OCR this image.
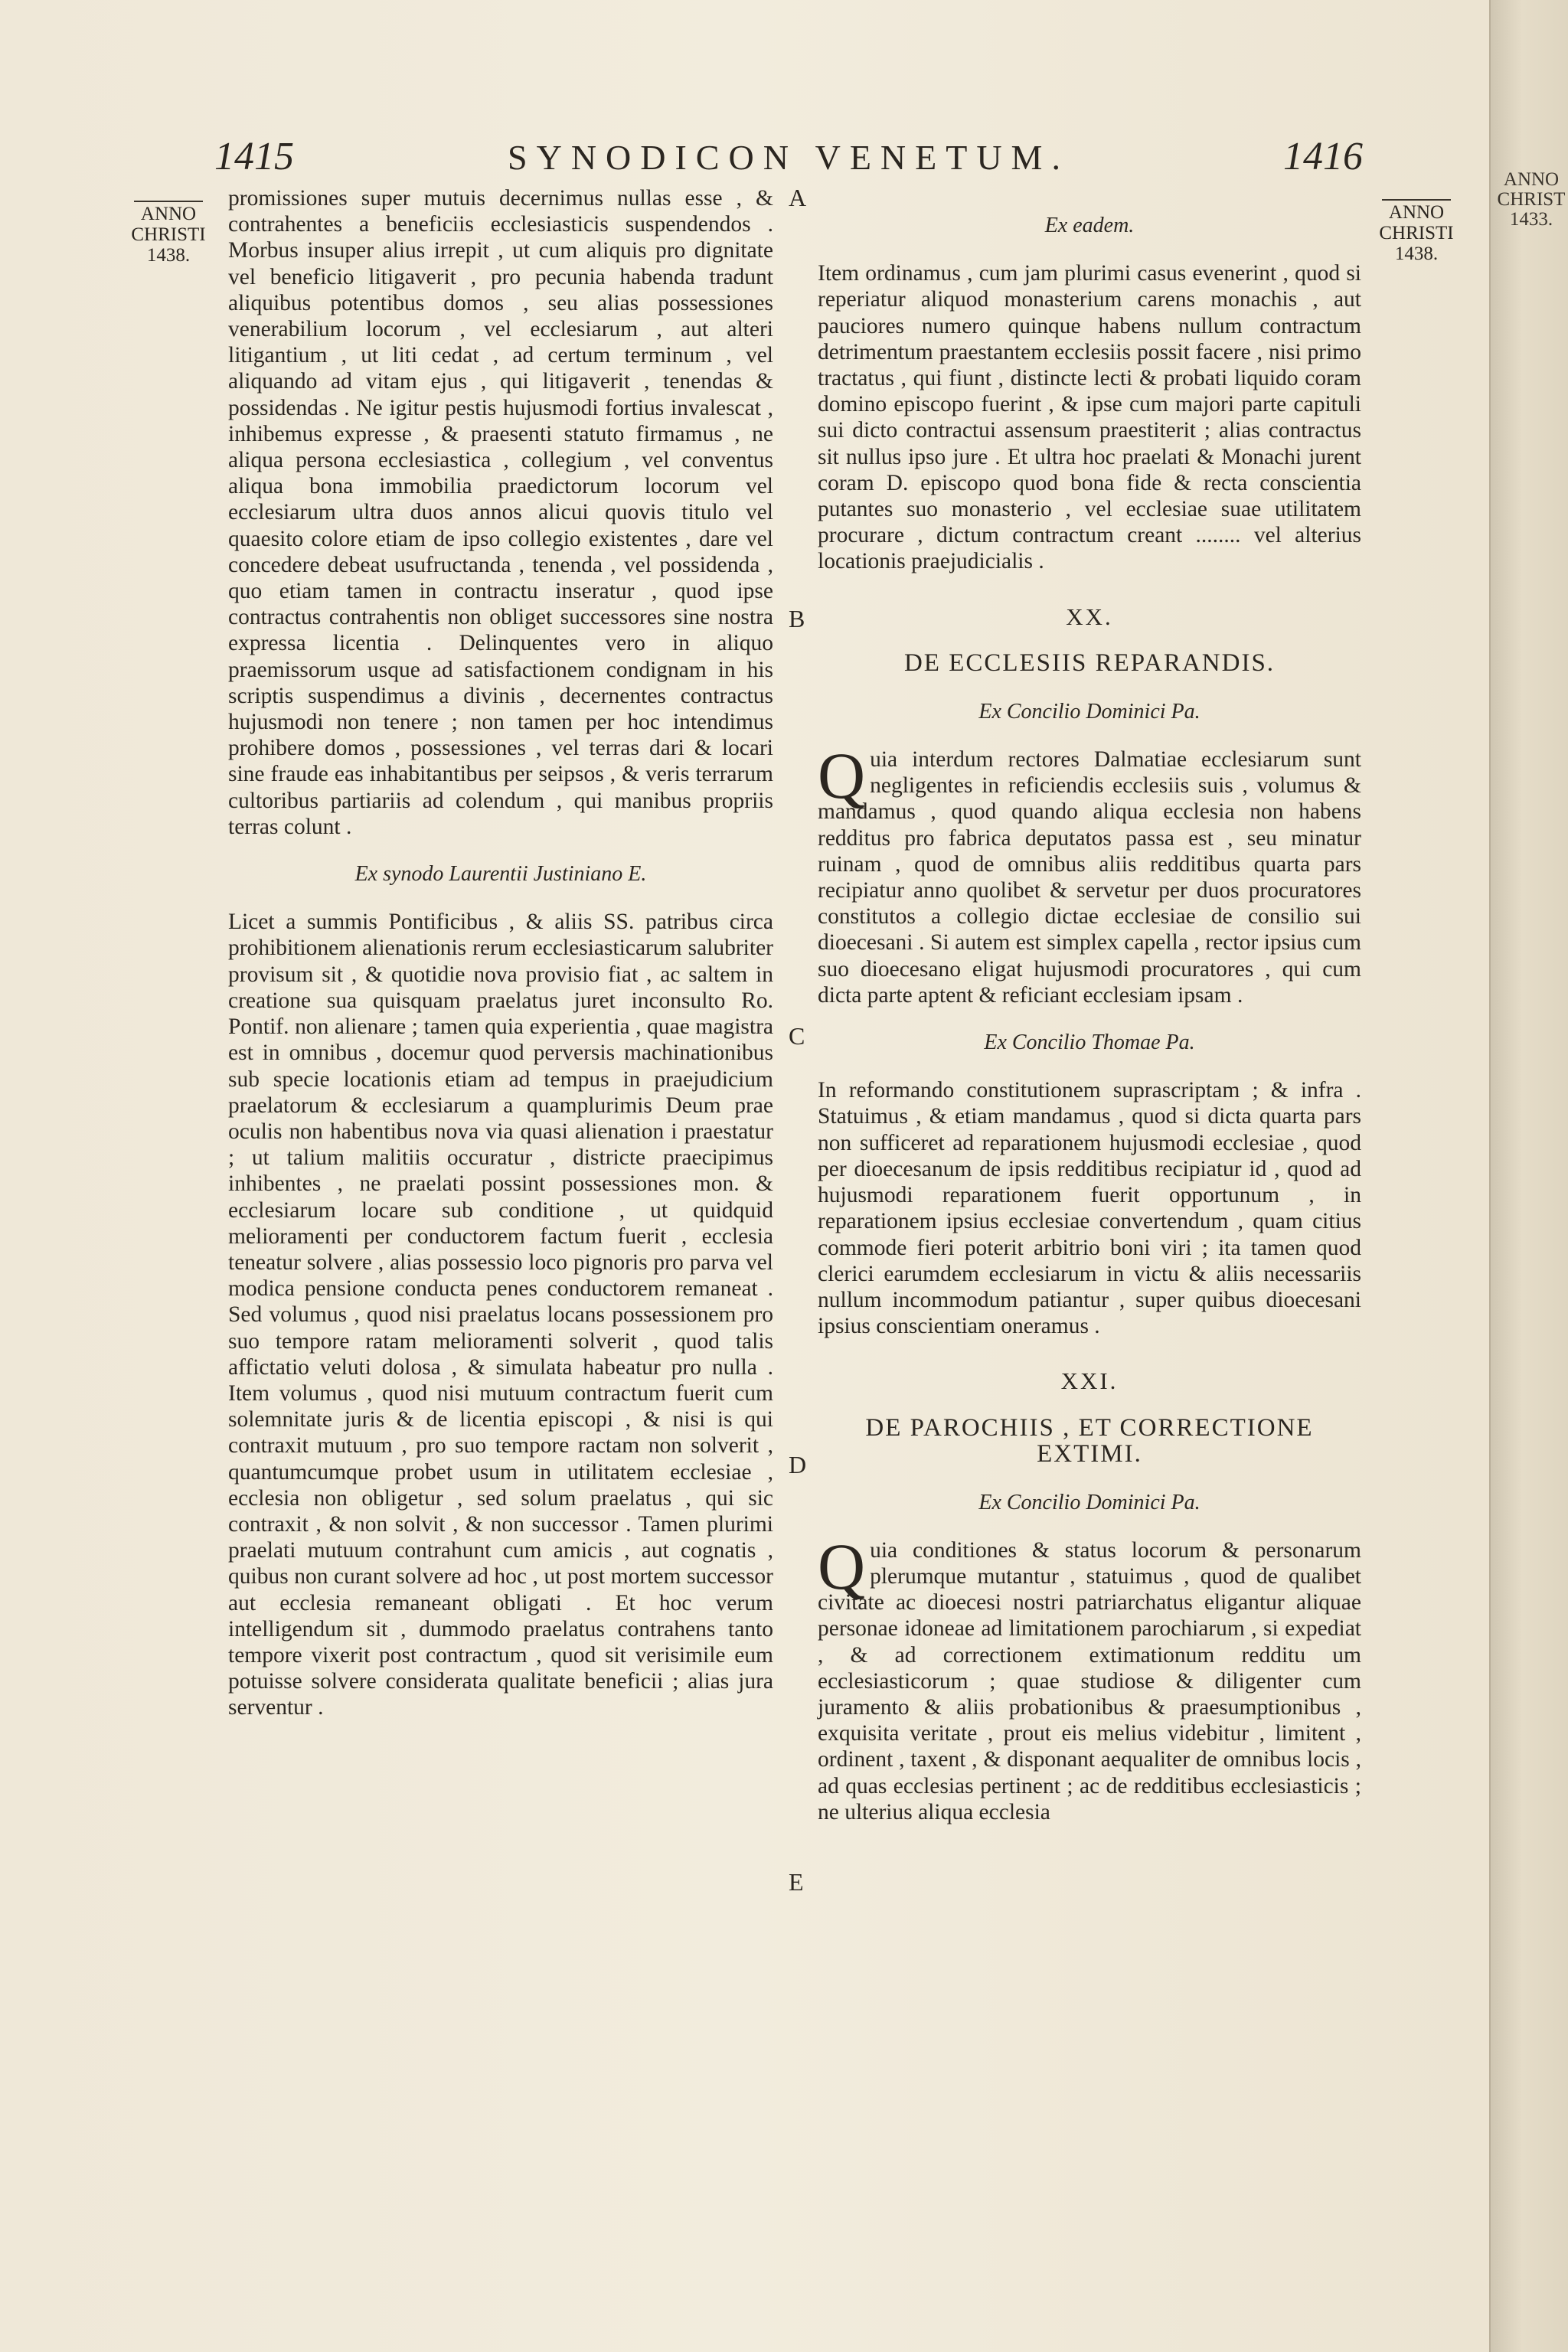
1415	SYNODICON VENETUM.	1416
ANNO
CHRISTI
1438.
ANNO
CHRISTI
1438.
A
B
C
D
E

promissiones super mutuis decernimus nullas esse , & contrahentes a beneficiis ecclesiasticis suspendendos . Morbus insuper alius irrepit , ut cum aliquis pro dignitate vel beneficio litigaverit , pro pecunia habenda tradunt aliquibus potentibus domos , seu alias possessiones venerabilium locorum , vel ecclesiarum , aut alteri litigantium , ut liti cedat , ad certum terminum , vel aliquando ad vitam ejus , qui litigaverit , tenendas & possidendas . Ne igitur pestis hujusmodi fortius invalescat , inhibemus expresse , & praesenti statuto firmamus , ne aliqua persona ecclesiastica , collegium , vel conventus aliqua bona immobilia praedictorum locorum vel ecclesiarum ultra duos annos alicui quovis titulo vel quaesito colore etiam de ipso collegio existentes , dare vel concedere debeat usufructanda , tenenda , vel possidenda , quo etiam tamen in contractu inseratur , quod ipse contractus contrahentis non obliget successores sine nostra expressa licentia . Delinquentes vero in aliquo praemissorum usque ad satisfactionem condignam in his scriptis suspendimus a divinis , decernentes contractus hujusmodi non tenere ; non tamen per hoc intendimus prohibere domos , possessiones , vel terras dari & locari sine fraude eas inhabitantibus per seipsos , & veris terrarum cultoribus partiariis ad colendum , qui manibus propriis terras colunt .

Ex synodo Laurentii Justiniano E.

Licet a summis Pontificibus , & aliis SS. patribus circa prohibitionem alienationis rerum ecclesiasticarum salubriter provisum sit , & quotidie nova provisio fiat , ac saltem in creatione sua quisquam praelatus juret inconsulto Ro. Pontif. non alienare ; tamen quia experientia , quae magistra est in omnibus , docemur quod perversis machinationibus sub specie locationis etiam ad tempus in praejudicium praelatorum & ecclesiarum a quamplurimis Deum prae oculis non habentibus nova via quasi alienation i praestatur ; ut talium malitiis occuratur , districte praecipimus inhibentes , ne praelati possint possessiones mon. & ecclesiarum locare sub conditione , ut quidquid melioramenti per conductorem factum fuerit , ecclesia teneatur solvere , alias possessio loco pignoris pro parva vel modica pensione conducta penes conductorem remaneat . Sed volumus , quod nisi praelatus locans possessionem pro suo tempore ratam melioramenti solverit , quod talis affictatio veluti dolosa , & simulata habeatur pro nulla . Item volumus , quod nisi mutuum contractum fuerit cum solemnitate juris & de licentia episcopi , & nisi is qui contraxit mutuum , pro suo tempore ractam non solverit , quantumcumque probet usum in utilitatem ecclesiae , ecclesia non obligetur , sed solum praelatus , qui sic contraxit , & non solvit , & non successor . Tamen plurimi praelati mutuum contrahunt cum amicis , aut cognatis , quibus non curant solvere ad hoc , ut post mortem successor aut ecclesia remaneant obligati . Et hoc verum intelligendum sit , dummodo praelatus contrahens tanto tempore vixerit post contractum , quod sit verisimile eum potuisse solvere considerata qualitate beneficii ; alias jura serventur .

Ex eadem.

Item ordinamus , cum jam plurimi casus evenerint , quod si reperiatur aliquod monasterium carens monachis , aut pauciores numero quinque habens nullum contractum detrimentum praestantem ecclesiis possit facere , nisi primo tractatus , qui fiunt , distincte lecti & probati liquido coram domino episcopo fuerint , & ipse cum majori parte capituli sui dicto contractui assensum praestiterit ; alias contractus sit nullus ipso jure . Et ultra hoc praelati & Monachi jurent coram D. episcopo quod bona fide & recta conscientia putantes suo monasterio , vel ecclesiae suae utilitatem procurare , dictum contractum creant ........ vel alterius locationis praejudicialis .

XX.
DE ECCLESIIS REPARANDIS.
Ex Concilio Dominici Pa.

Quia interdum rectores Dalmatiae ecclesiarum sunt negligentes in reficiendis ecclesiis suis , volumus & mandamus , quod quando aliqua ecclesia non habens redditus pro fabrica deputatos passa est , seu minatur ruinam , quod de omnibus aliis redditibus quarta pars recipiatur anno quolibet & servetur per duos procuratores constitutos a collegio dictae ecclesiae de consilio sui dioecesani . Si autem est simplex capella , rector ipsius cum suo dioecesano eligat hujusmodi procuratores , qui cum dicta parte aptent & reficiant ecclesiam ipsam .

Ex Concilio Thomae Pa.

In reformando constitutionem suprascriptam ; & infra . Statuimus , & etiam mandamus , quod si dicta quarta pars non sufficeret ad reparationem hujusmodi ecclesiae , quod per dioecesanum de ipsis redditibus recipiatur id , quod ad hujusmodi reparationem fuerit opportunum , in reparationem ipsius ecclesiae convertendum , quam citius commode fieri poterit arbitrio boni viri ; ita tamen quod clerici earumdem ecclesiarum in victu & aliis necessariis nullum incommodum patiantur , super quibus dioecesani ipsius conscientiam oneramus .

XXI.
DE PAROCHIIS , ET CORRECTIONE EXTIMI.
Ex Concilio Dominici Pa.

Quia conditiones & status locorum & personarum plerumque mutantur , statuimus , quod de qualibet civitate ac dioecesi nostri patriarchatus eligantur aliquae personae idoneae ad limitationem parochiarum , si expediat , & ad correctionem extimationum redditu um ecclesiasticorum ; quae studiose & diligenter cum juramento & aliis probationibus & praesumptionibus , exquisita veritate , prout eis melius videbitur , limitent , ordinent , taxent , & disponant aequaliter de omnibus locis , ad quas ecclesias pertinent ; ac de redditibus ecclesiasticis ; ne ulterius aliqua ecclesia

ANNO
CHRIST
1433.
